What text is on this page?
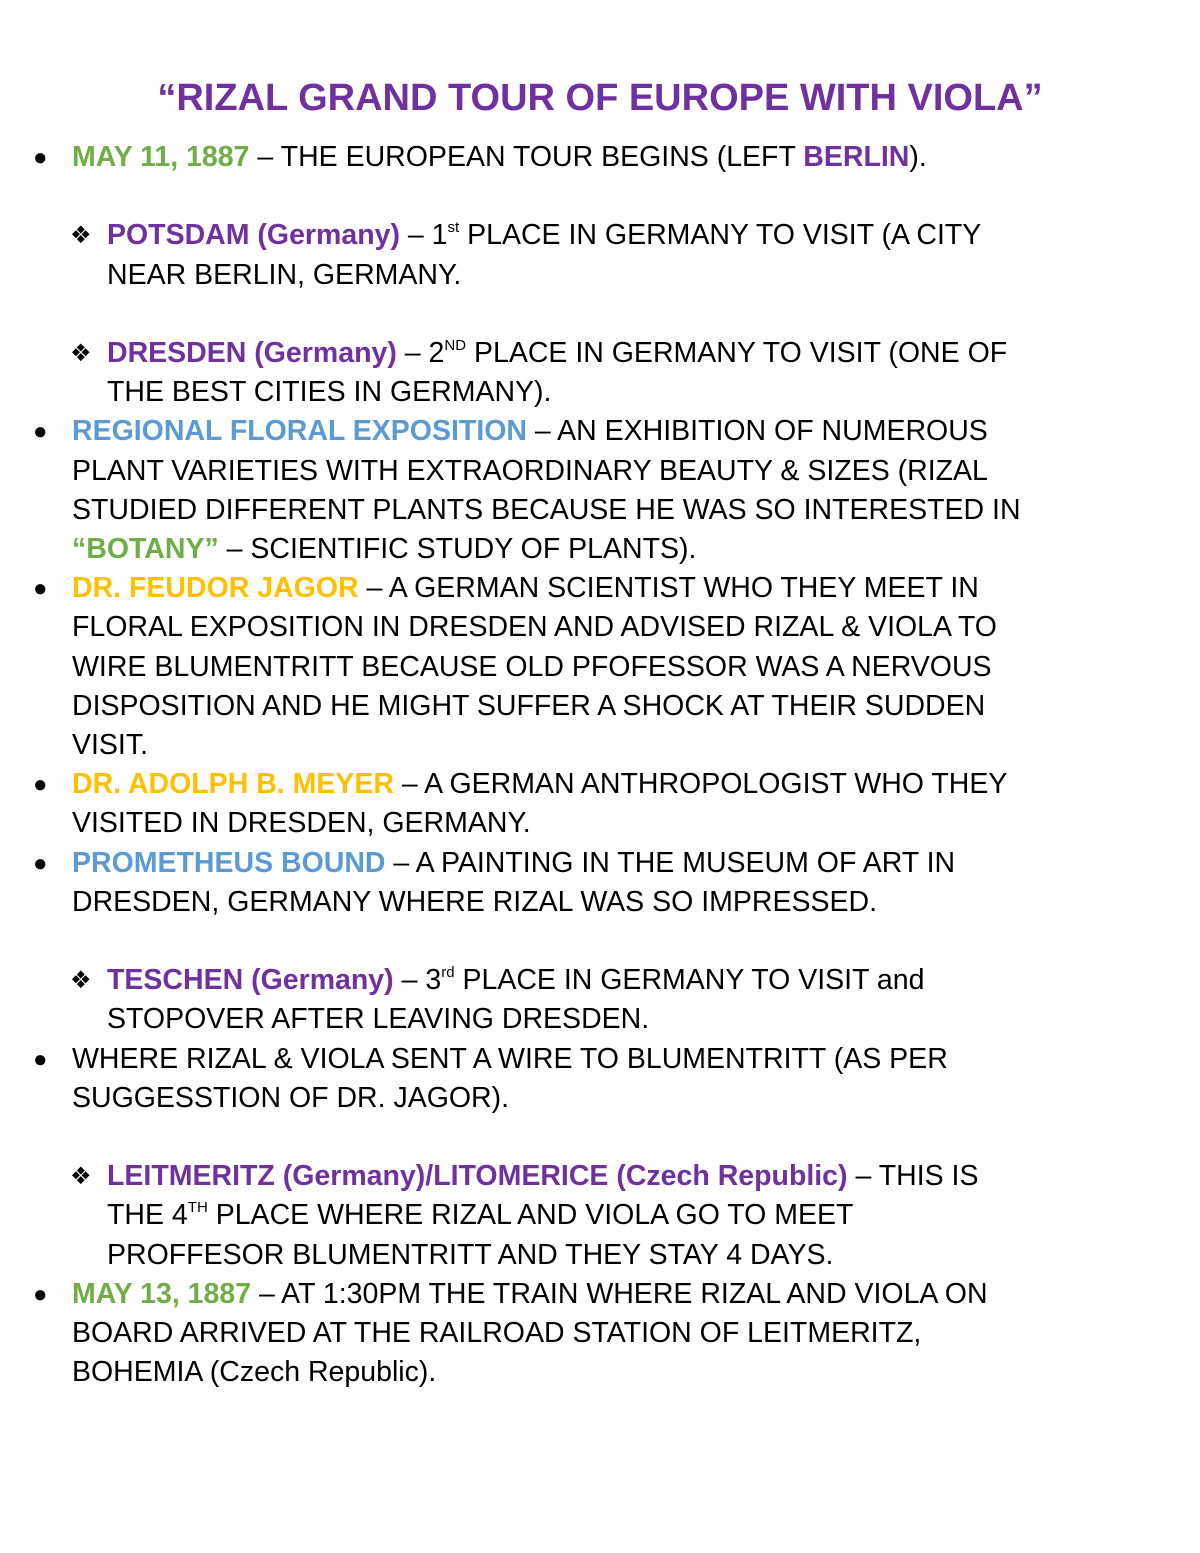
“RIZAL GRAND TOUR OF EUROPE WITH VIOLA”
● MAY 11, 1887 – THE EUROPEAN TOUR BEGINS (LEFT BERLIN).
❖ POTSDAM (Germany) – 1st PLACE IN GERMANY TO VISIT (A CITY
NEAR BERLIN, GERMANY.
❖ DRESDEN (Germany) – 2ND PLACE IN GERMANY TO VISIT (ONE OF
THE BEST CITIES IN GERMANY).
● REGIONAL FLORAL EXPOSITION – AN EXHIBITION OF NUMEROUS
PLANT VARIETIES WITH EXTRAORDINARY BEAUTY & SIZES (RIZAL
STUDIED DIFFERENT PLANTS BECAUSE HE WAS SO INTERESTED IN
“BOTANY” – SCIENTIFIC STUDY OF PLANTS).
● DR. FEUDOR JAGOR – A GERMAN SCIENTIST WHO THEY MEET IN
FLORAL EXPOSITION IN DRESDEN AND ADVISED RIZAL & VIOLA TO
WIRE BLUMENTRITT BECAUSE OLD PFOFESSOR WAS A NERVOUS
DISPOSITION AND HE MIGHT SUFFER A SHOCK AT THEIR SUDDEN
VISIT.
● DR. ADOLPH B. MEYER – A GERMAN ANTHROPOLOGIST WHO THEY
VISITED IN DRESDEN, GERMANY.
● PROMETHEUS BOUND – A PAINTING IN THE MUSEUM OF ART IN
DRESDEN, GERMANY WHERE RIZAL WAS SO IMPRESSED.
❖ TESCHEN (Germany) – 3rd PLACE IN GERMANY TO VISIT and
STOPOVER AFTER LEAVING DRESDEN.
● WHERE RIZAL & VIOLA SENT A WIRE TO BLUMENTRITT (AS PER
SUGGESSTION OF DR. JAGOR).
❖ LEITMERITZ (Germany)/LITOMERICE (Czech Republic) – THIS IS
THE 4TH PLACE WHERE RIZAL AND VIOLA GO TO MEET
PROFFESOR BLUMENTRITT AND THEY STAY 4 DAYS.
● MAY 13, 1887 – AT 1:30PM THE TRAIN WHERE RIZAL AND VIOLA ON
BOARD ARRIVED AT THE RAILROAD STATION OF LEITMERITZ,
BOHEMIA (Czech Republic).
